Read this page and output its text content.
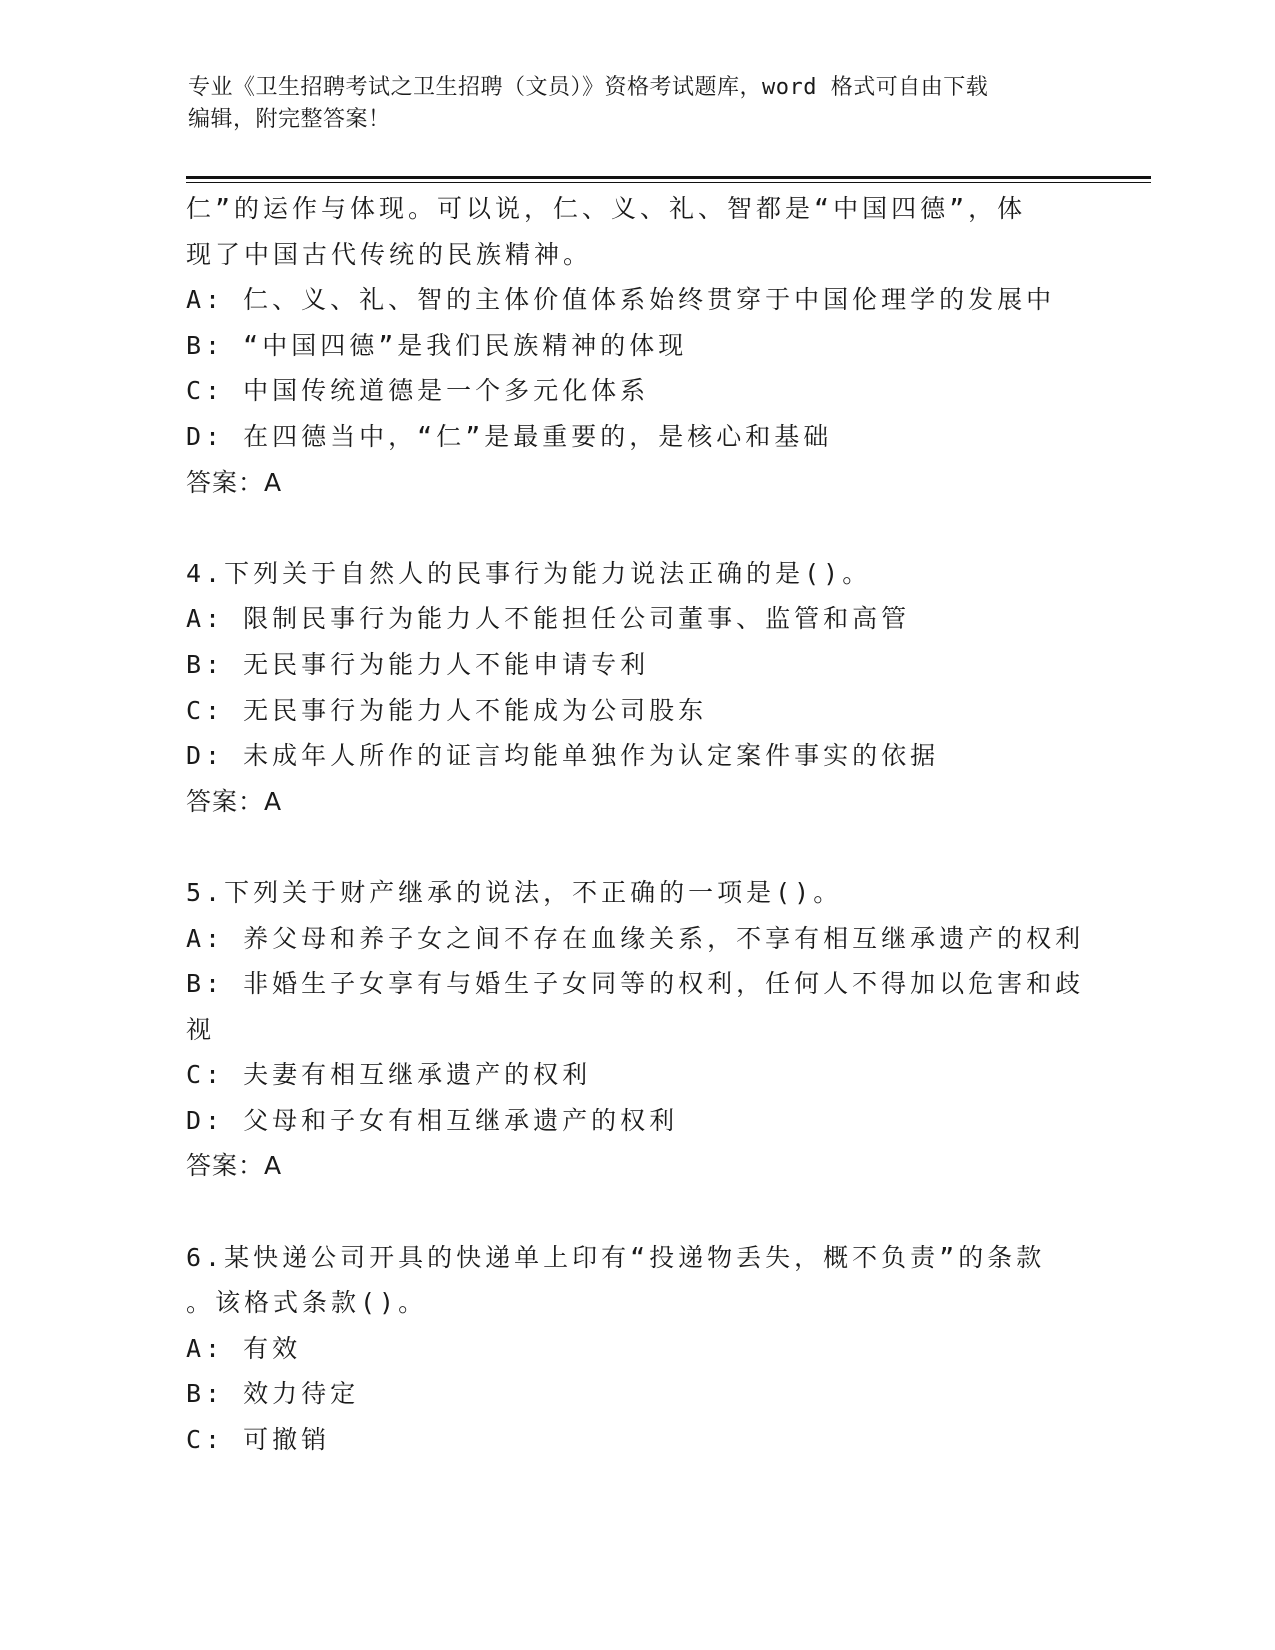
专业《卫生招聘考试之卫生招聘（文员）》资格考试题库，word 格式可自由下载
编辑，附完整答案！
仁”的运作与体现。可以说，仁、义、礼、智都是“中国四德”，体
现了中国古代传统的民族精神。
A: 仁、义、礼、智的主体价值体系始终贯穿于中国伦理学的发展中
B: “中国四德”是我们民族精神的体现
C: 中国传统道德是一个多元化体系
D: 在四德当中，“仁”是最重要的，是核心和基础
答案：A
4.下列关于自然人的民事行为能力说法正确的是()。
A: 限制民事行为能力人不能担任公司董事、监管和高管
B: 无民事行为能力人不能申请专利
C: 无民事行为能力人不能成为公司股东
D: 未成年人所作的证言均能单独作为认定案件事实的依据
答案：A
5.下列关于财产继承的说法，不正确的一项是()。
A: 养父母和养子女之间不存在血缘关系，不享有相互继承遗产的权利
B: 非婚生子女享有与婚生子女同等的权利，任何人不得加以危害和歧
视
C: 夫妻有相互继承遗产的权利
D: 父母和子女有相互继承遗产的权利
答案：A
6.某快递公司开具的快递单上印有“投递物丢失，概不负责”的条款
。该格式条款()。
A: 有效
B: 效力待定
C: 可撤销
